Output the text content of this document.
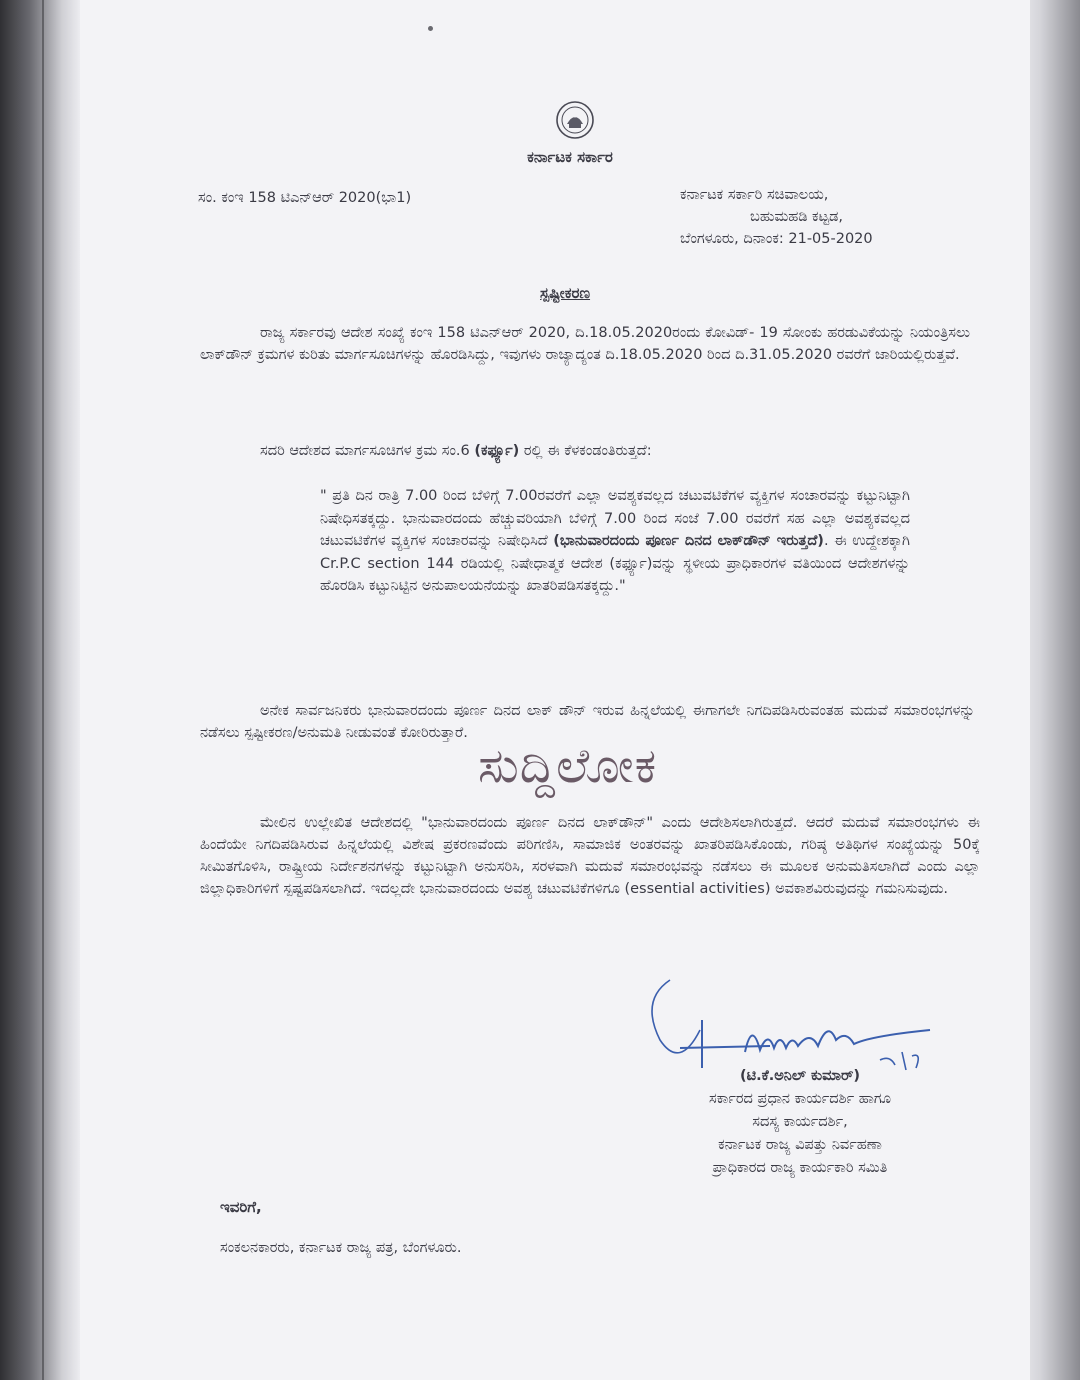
ಕರ್ನಾಟಕ ಸರ್ಕಾರ
ಸಂ. ಕಂಇ 158 ಟಿಎನ್ಆರ್ 2020(ಭಾ1)	ಕರ್ನಾಟಕ ಸರ್ಕಾರಿ ಸಚಿವಾಲಯ,
ಬಹುಮಹಡಿ ಕಟ್ಟಡ,
ಬೆಂಗಳೂರು, ದಿನಾಂಕ: 21-05-2020
ಸ್ಪಷ್ಟೀಕರಣ
ರಾಜ್ಯ ಸರ್ಕಾರವು ಆದೇಶ ಸಂಖ್ಯೆ ಕಂಇ 158 ಟಿಎನ್ಆರ್ 2020, ದಿ.18.05.2020ರಂದು ಕೋವಿಡ್- 19 ಸೋಂಕು ಹರಡುವಿಕೆಯನ್ನು ನಿಯಂತ್ರಿಸಲು ಲಾಕ್‌ಡೌನ್ ಕ್ರಮಗಳ ಕುರಿತು ಮಾರ್ಗಸೂಚಿಗಳನ್ನು ಹೊರಡಿಸಿದ್ದು, ಇವುಗಳು ರಾಜ್ಯಾದ್ಯಂತ ದಿ.18.05.2020 ರಿಂದ ದಿ.31.05.2020 ರವರೆಗೆ ಜಾರಿಯಲ್ಲಿರುತ್ತವೆ.
ಸದರಿ ಆದೇಶದ ಮಾರ್ಗಸೂಚಿಗಳ ಕ್ರಮ ಸಂ.6 (ಕರ್ಫ್ಯೂ) ರಲ್ಲಿ ಈ ಕೆಳಕಂಡಂತಿರುತ್ತದೆ:
" ಪ್ರತಿ ದಿನ ರಾತ್ರಿ 7.00 ರಿಂದ ಬೆಳಿಗ್ಗೆ 7.00ರವರೆಗೆ ಎಲ್ಲಾ ಅವಶ್ಯಕವಲ್ಲದ ಚಟುವಟಿಕೆಗಳ ವ್ಯಕ್ತಿಗಳ ಸಂಚಾರವನ್ನು ಕಟ್ಟುನಿಟ್ಟಾಗಿ ನಿಷೇಧಿಸತಕ್ಕದ್ದು. ಭಾನುವಾರದಂದು ಹೆಚ್ಚುವರಿಯಾಗಿ ಬೆಳಿಗ್ಗೆ 7.00 ರಿಂದ ಸಂಜೆ 7.00 ರವರೆಗೆ ಸಹ ಎಲ್ಲಾ ಅವಶ್ಯಕವಲ್ಲದ ಚಟುವಟಿಕೆಗಳ ವ್ಯಕ್ತಿಗಳ ಸಂಚಾರವನ್ನು ನಿಷೇಧಿಸಿದೆ (ಭಾನುವಾರದಂದು ಪೂರ್ಣ ದಿನದ ಲಾಕ್‌ಡೌನ್ ಇರುತ್ತದೆ). ಈ ಉದ್ದೇಶಕ್ಕಾಗಿ Cr.P.C section 144 ರಡಿಯಲ್ಲಿ ನಿಷೇಧಾತ್ಮಕ ಆದೇಶ (ಕರ್ಫ್ಯೂ)ವನ್ನು ಸ್ಥಳೀಯ ಪ್ರಾಧಿಕಾರಗಳ ವತಿಯಿಂದ ಆದೇಶಗಳನ್ನು ಹೊರಡಿಸಿ ಕಟ್ಟುನಿಟ್ಟಿನ ಅನುಪಾಲಯನೆಯನ್ನು ಖಾತರಿಪಡಿಸತಕ್ಕದ್ದು."
ಅನೇಕ ಸಾರ್ವಜನಿಕರು ಭಾನುವಾರದಂದು ಪೂರ್ಣ ದಿನದ ಲಾಕ್ ಡೌನ್ ಇರುವ ಹಿನ್ನಲೆಯಲ್ಲಿ ಈಗಾಗಲೇ ನಿಗದಿಪಡಿಸಿರುವಂತಹ ಮದುವೆ ಸಮಾರಂಭಗಳನ್ನು ನಡೆಸಲು ಸ್ಪಷ್ಟೀಕರಣ/ಅನುಮತಿ ನೀಡುವಂತೆ ಕೋರಿರುತ್ತಾರೆ.
ಸುದ್ದಿಲೋಕ
ಮೇಲಿನ ಉಲ್ಲೇಖಿತ ಆದೇಶದಲ್ಲಿ "ಭಾನುವಾರದಂದು ಪೂರ್ಣ ದಿನದ ಲಾಕ್‌ಡೌನ್" ಎಂದು ಆದೇಶಿಸಲಾಗಿರುತ್ತದೆ. ಆದರೆ ಮದುವೆ ಸಮಾರಂಭಗಳು ಈ ಹಿಂದೆಯೇ ನಿಗದಿಪಡಿಸಿರುವ ಹಿನ್ನಲೆಯಲ್ಲಿ ವಿಶೇಷ ಪ್ರಕರಣವೆಂದು ಪರಿಗಣಿಸಿ, ಸಾಮಾಜಿಕ ಅಂತರವನ್ನು ಖಾತರಿಪಡಿಸಿಕೊಂಡು, ಗರಿಷ್ಠ ಅತಿಥಿಗಳ ಸಂಖ್ಯೆಯನ್ನು 50ಕ್ಕೆ ಸೀಮಿತಗೊಳಿಸಿ, ರಾಷ್ಟ್ರೀಯ ನಿರ್ದೇಶನಗಳನ್ನು ಕಟ್ಟುನಿಟ್ಟಾಗಿ ಅನುಸರಿಸಿ, ಸರಳವಾಗಿ ಮದುವೆ ಸಮಾರಂಭವನ್ನು ನಡೆಸಲು ಈ ಮೂಲಕ ಅನುಮತಿಸಲಾಗಿದೆ ಎಂದು ಎಲ್ಲಾ ಜಿಲ್ಲಾಧಿಕಾರಿಗಳಿಗೆ ಸ್ಪಷ್ಟಪಡಿಸಲಾಗಿದೆ. ಇದಲ್ಲದೇ ಭಾನುವಾರದಂದು ಅವಶ್ಯ ಚಟುವಟಿಕೆಗಳಿಗೂ (essential activities) ಅವಕಾಶವಿರುವುದನ್ನು ಗಮನಿಸುವುದು.
(ಟಿ.ಕೆ.ಅನಿಲ್ ಕುಮಾರ್)
ಸರ್ಕಾರದ ಪ್ರಧಾನ ಕಾರ್ಯದರ್ಶಿ ಹಾಗೂ
ಸದಸ್ಯ ಕಾರ್ಯದರ್ಶಿ,
ಕರ್ನಾಟಕ ರಾಜ್ಯ ವಿಪತ್ತು ನಿರ್ವಹಣಾ
ಪ್ರಾಧಿಕಾರದ ರಾಜ್ಯ ಕಾರ್ಯಕಾರಿ ಸಮಿತಿ
ಇವರಿಗೆ,
ಸಂಕಲನಕಾರರು, ಕರ್ನಾಟಕ ರಾಜ್ಯ ಪತ್ರ, ಬೆಂಗಳೂರು.
